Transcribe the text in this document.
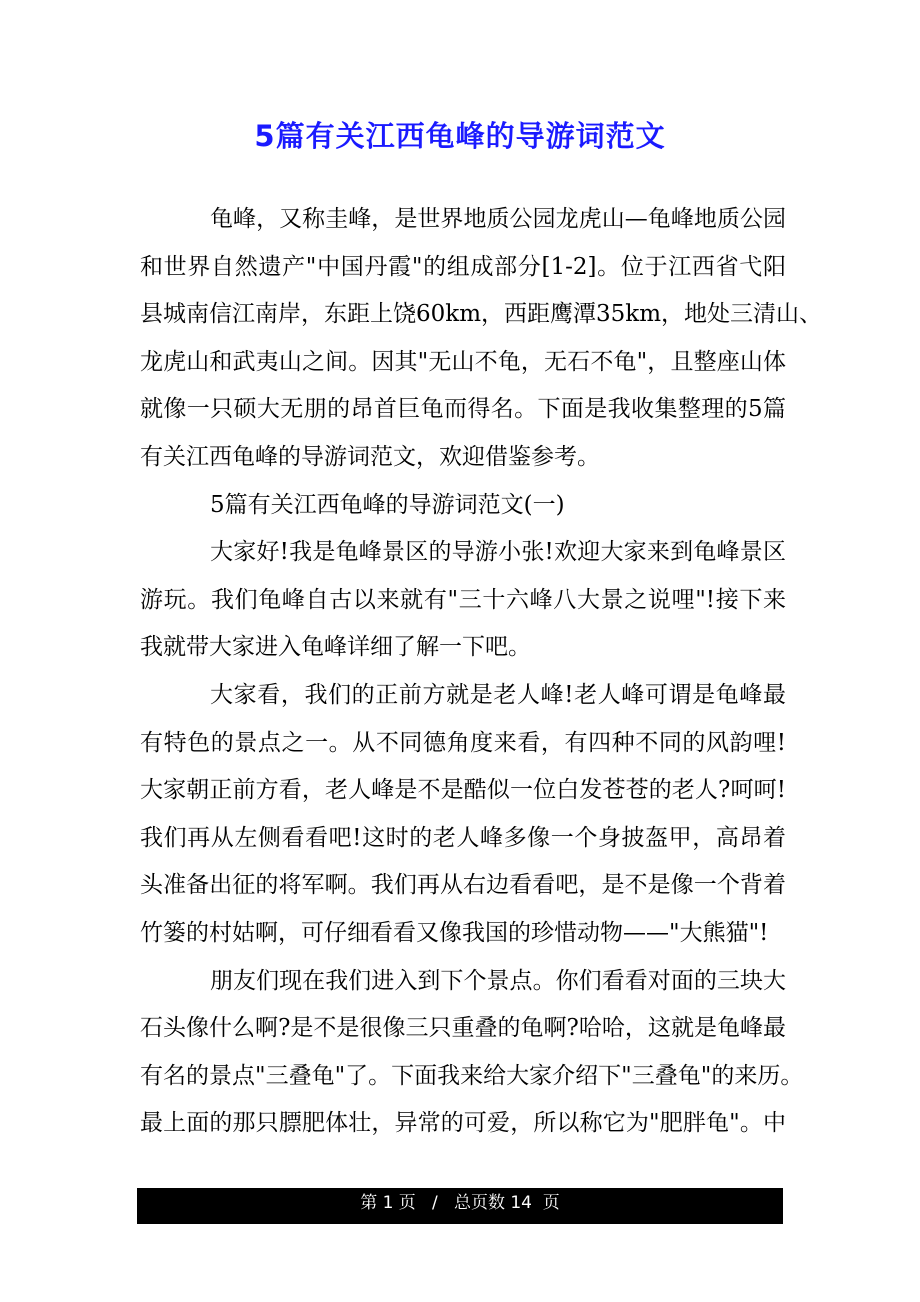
5篇有关江西龟峰的导游词范文
龟峰，又称圭峰，是世界地质公园龙虎山—龟峰地质公园
和世界自然遗产"中国丹霞"的组成部分[1-2]。位于江西省弋阳
县城南信江南岸，东距上饶60km，西距鹰潭35km，地处三清山、
龙虎山和武夷山之间。因其"无山不龟，无石不龟"，且整座山体
就像一只硕大无朋的昂首巨龟而得名。下面是我收集整理的5篇
有关江西龟峰的导游词范文，欢迎借鉴参考。
5篇有关江西龟峰的导游词范文(一)
大家好!我是龟峰景区的导游小张!欢迎大家来到龟峰景区
游玩。我们龟峰自古以来就有"三十六峰八大景之说哩"!接下来
我就带大家进入龟峰详细了解一下吧。
大家看，我们的正前方就是老人峰!老人峰可谓是龟峰最
有特色的景点之一。从不同德角度来看，有四种不同的风韵哩!
大家朝正前方看，老人峰是不是酷似一位白发苍苍的老人?呵呵!
我们再从左侧看看吧!这时的老人峰多像一个身披盔甲，高昂着
头准备出征的将军啊。我们再从右边看看吧，是不是像一个背着
竹篓的村姑啊，可仔细看看又像我国的珍惜动物——"大熊猫"!
朋友们现在我们进入到下个景点。你们看看对面的三块大
石头像什么啊?是不是很像三只重叠的龟啊?哈哈，这就是龟峰最
有名的景点"三叠龟"了。下面我来给大家介绍下"三叠龟"的来历。
最上面的那只膘肥体壮，异常的可爱，所以称它为"肥胖龟"。中
第 1 页   /   总页数 14  页
